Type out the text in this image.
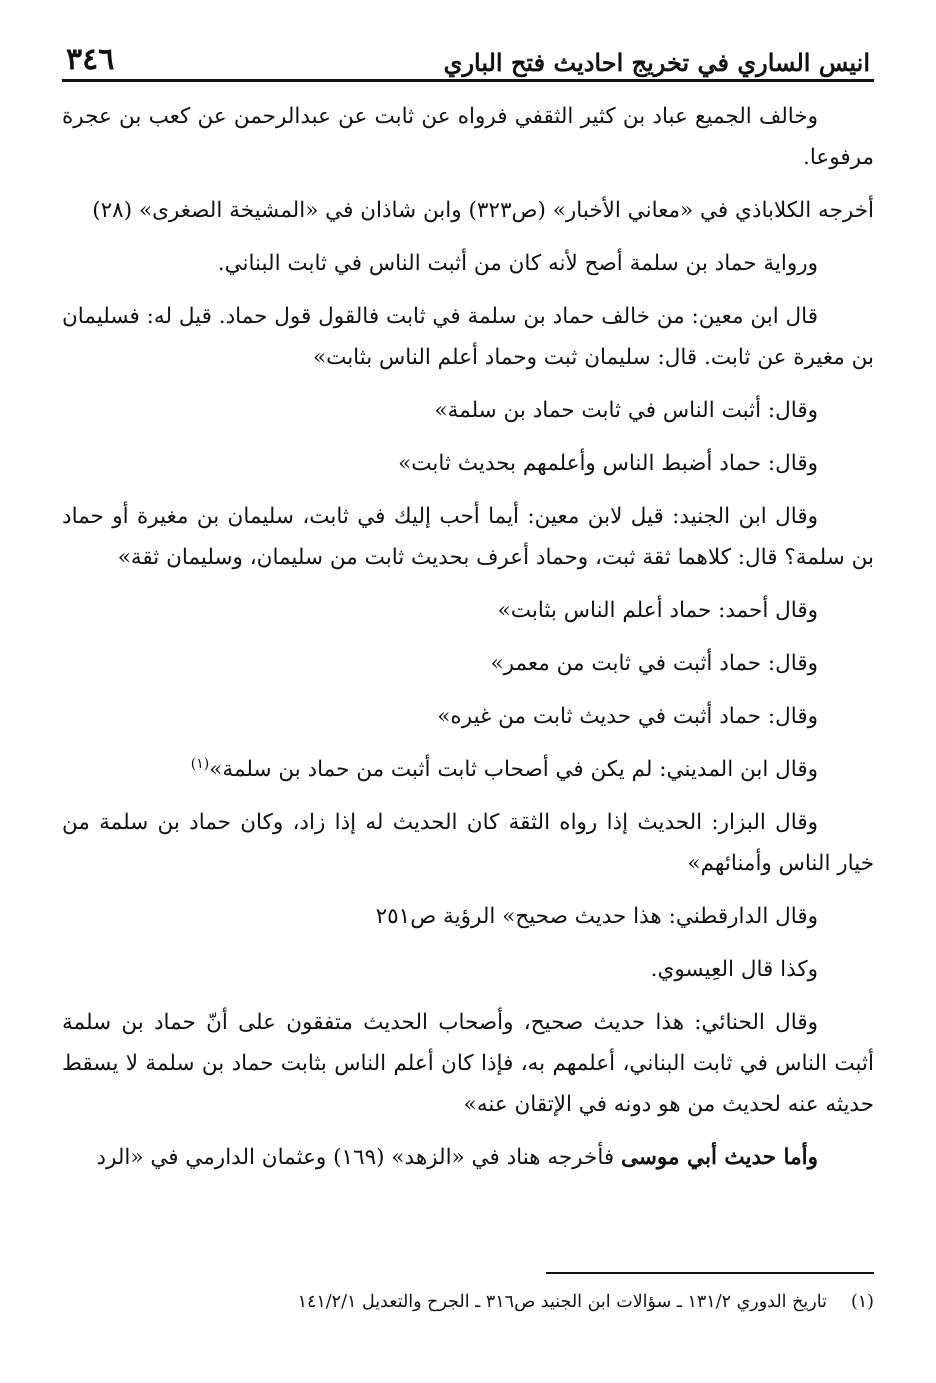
انيس الساري في تخريج احاديث فتح الباري
٣٤٦

وخالف الجميع عباد بن كثير الثقفي فرواه عن ثابت عن عبدالرحمن عن كعب بن عجرة مرفوعا.

أخرجه الكلاباذي في «معاني الأخبار» (ص٣٢٣) وابن شاذان في «المشيخة الصغرى» (٢٨)

ورواية حماد بن سلمة أصح لأنه كان من أثبت الناس في ثابت البناني.

قال ابن معين: من خالف حماد بن سلمة في ثابت فالقول قول حماد. قيل له: فسليمان بن مغيرة عن ثابت. قال: سليمان ثبت وحماد أعلم الناس بثابت»

وقال: أثبت الناس في ثابت حماد بن سلمة»

وقال: حماد أضبط الناس وأعلمهم بحديث ثابت»

وقال ابن الجنيد: قيل لابن معين: أيما أحب إليك في ثابت، سليمان بن مغيرة أو حماد بن سلمة؟ قال: كلاهما ثقة ثبت، وحماد أعرف بحديث ثابت من سليمان، وسليمان ثقة»

وقال أحمد: حماد أعلم الناس بثابت»

وقال: حماد أثبت في ثابت من معمر»

وقال: حماد أثبت في حديث ثابت من غيره»

وقال ابن المديني: لم يكن في أصحاب ثابت أثبت من حماد بن سلمة»$^{(١)}$

وقال البزار: الحديث إذا رواه الثقة كان الحديث له إذا زاد، وكان حماد بن سلمة من خيار الناس وأمنائهم»

وقال الدارقطني: هذا حديث صحيح» الرؤية ص٢٥١

وكذا قال العِيسوي.

وقال الحنائي: هذا حديث صحيح، وأصحاب الحديث متفقون على أنّ حماد بن سلمة أثبت الناس في ثابت البناني، أعلمهم به، فإذا كان أعلم الناس بثابت حماد بن سلمة لا يسقط حديثه عنه لحديث من هو دونه في الإتقان عنه»

وأما حديث أبي موسى فأخرجه هناد في «الزهد» (١٦٩) وعثمان الدارمي في «الرد

(١)تاريخ الدوري ١٣١/٢ ـ سؤالات ابن الجنيد ص٣١٦ ـ الجرح والتعديل ١٤١/٢/١
